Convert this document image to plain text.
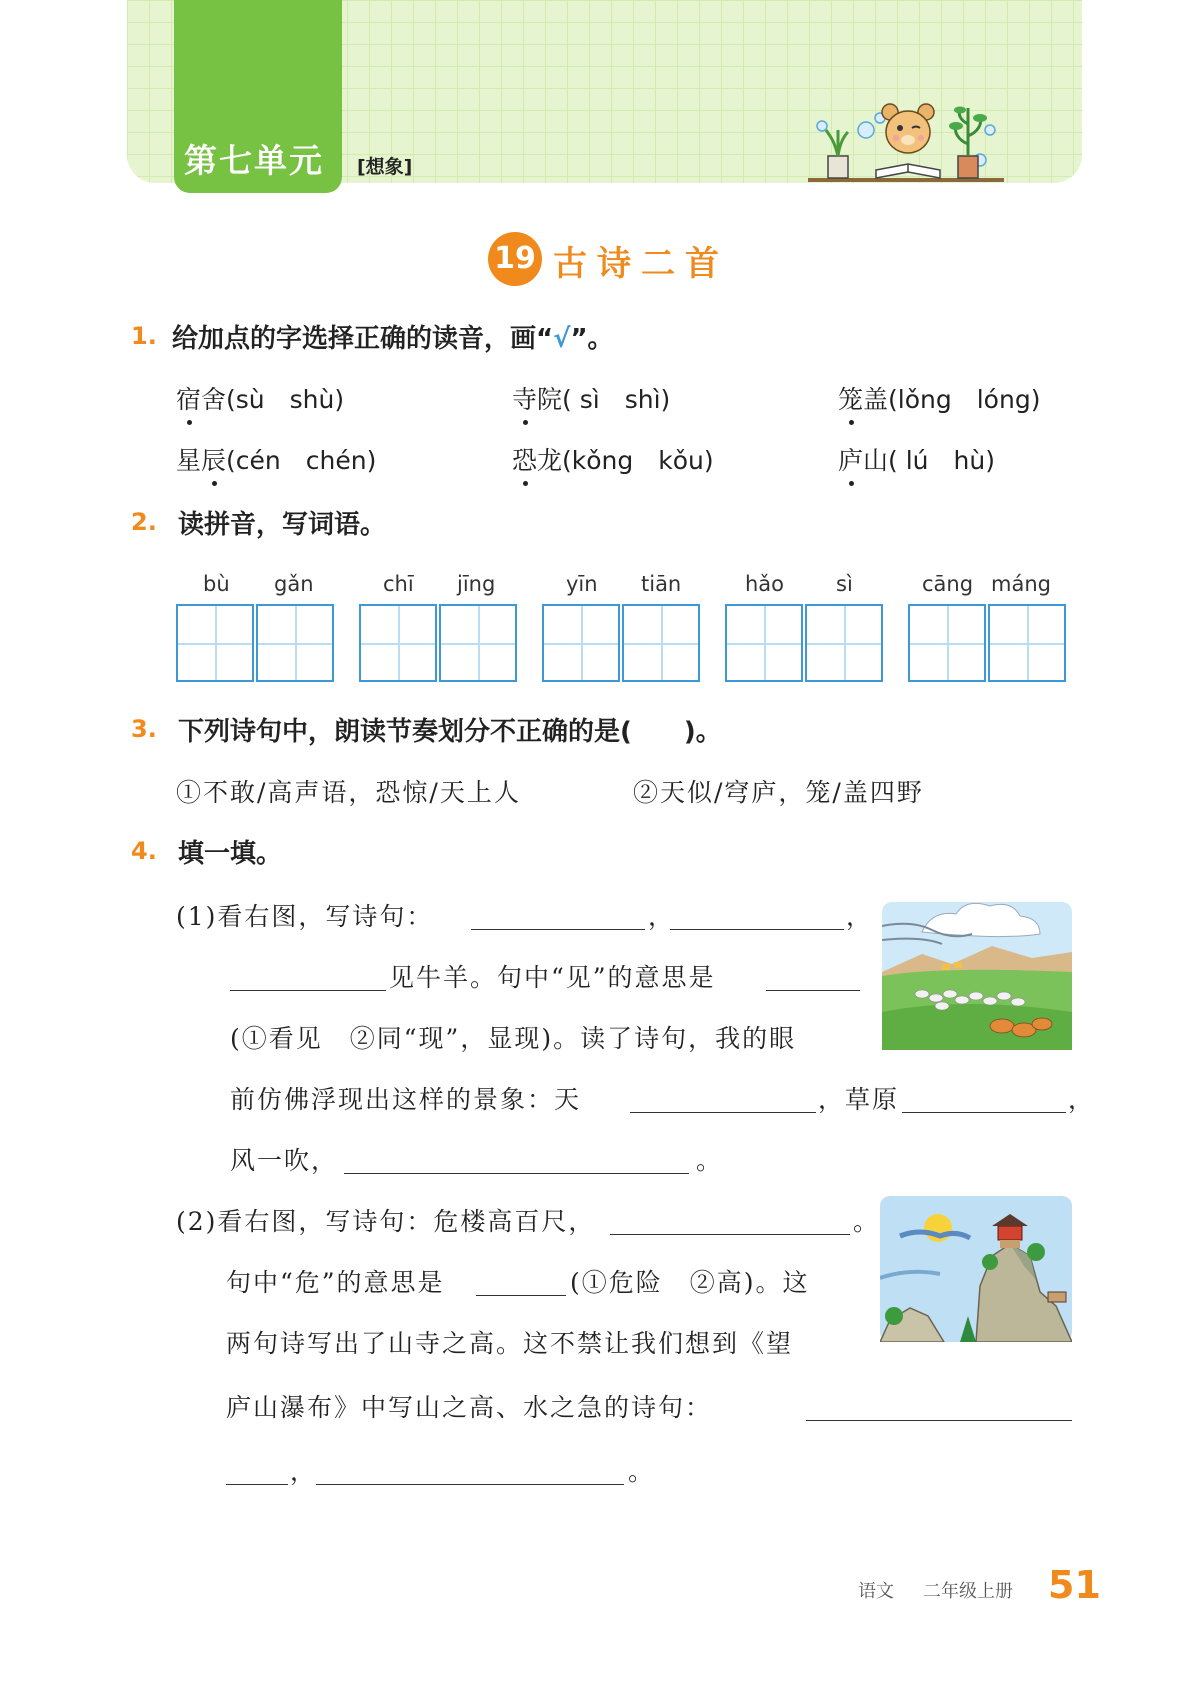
第七单元 [想象]
19 古诗二首
1. 给加点的字选择正确的读音，画“√”。
宿舍(sù　shù)	寺院( sì　shì)	笼盖(lǒng　lóng)
星辰(cén　chén)	恐龙(kǒng　kǒu)	庐山( lú　hù)
2. 读拼音，写词语。
bù gǎn	chī jīng	yīn tiān	hǎo sì	cāng máng
3. 下列诗句中，朗读节奏划分不正确的是(　　)。
①不敢/高声语，恐惊/天上人	②天似/穹庐，笼/盖四野
4. 填一填。
(1)看右图，写诗句：	，	，
见牛羊。句中“见”的意思是
(①看见　②同“现”，显现)。读了诗句，我的眼
前仿佛浮现出这样的景象：天	，草原	，
风一吹，	。
(2)看右图，写诗句：危楼高百尺，	。
句中“危”的意思是	(①危险　②高)。这
两句诗写出了山寺之高。这不禁让我们想到《望
庐山瀑布》中写山之高、水之急的诗句：
，	。
语文 二年级上册 51
